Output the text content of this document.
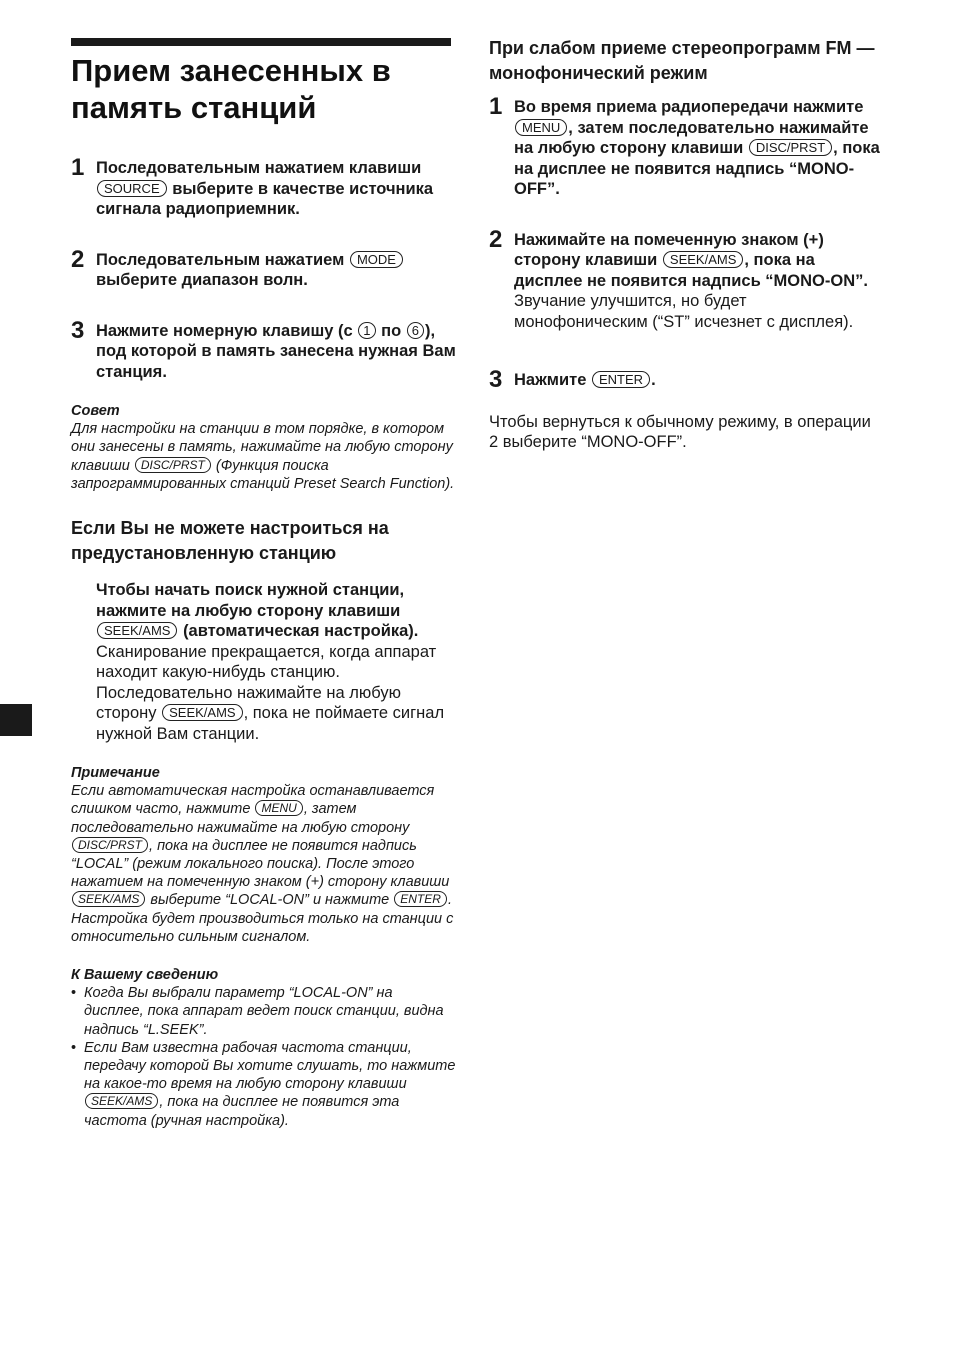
Прием занесенных в
память станций
1 Последовательным нажатием клавиши SOURCE выберите в качестве источника сигнала радиоприемник.
2 Последовательным нажатием MODE выберите диапазон волн.
3 Нажмите номерную клавишу (с 1 по 6 ), под которой в память занесена нужная Вам станция.
Совет
Для настройки на станции в том порядке, в котором они занесены в память, нажимайте на любую сторону клавиши DISC/PRST (Функция поиска запрограммированных станций Preset Search Function).
Если Вы не можете настроиться на предустановленную станцию
Чтобы начать поиск нужной станции, нажмите на любую сторону клавиши SEEK/AMS (автоматическая настройка).
Сканирование прекращается, когда аппарат находит какую-нибудь станцию. Последовательно нажимайте на любую сторону SEEK/AMS , пока не поймаете сигнал нужной Вам станции.
Примечание
Если автоматическая настройка останавливается слишком часто, нажмите MENU , затем последовательно нажимайте на любую сторону DISC/PRST , пока на дисплее не появится надпись “LOCAL” (режим локального поиска). После этого нажатием на помеченную знаком (+) сторону клавиши SEEK/AMS выберите “LOCAL-ON” и нажмите ENTER . Настройка будет производиться только на станции с относительно сильным сигналом.
К Вашему сведению
• Когда Вы выбрали параметр “LOCAL-ON” на дисплее, пока аппарат ведет поиск станции, видна надпись “L.SEEK”.
• Если Вам известна рабочая частота станции, передачу которой Вы хотите слушать, то нажмите на какое-то время на любую сторону клавиши SEEK/AMS , пока на дисплее не появится эта частота (ручная настройка).
При слабом приеме стереопрограмм FM — монофонический режим
1 Во время приема радиопередачи нажмите MENU , затем последовательно нажимайте на любую сторону клавиши DISC/PRST , пока на дисплее не появится надпись “MONO-OFF”.
2 Нажимайте на помеченную знаком (+) сторону клавиши SEEK/AMS , пока на дисплее не появится надпись “MONO-ON”.
Звучание улучшится, но будет монофоническим (“ST” исчезнет с дисплея).
3 Нажмите ENTER .
Чтобы вернуться к обычному режиму, в операции 2 выберите “MONO-OFF”.
